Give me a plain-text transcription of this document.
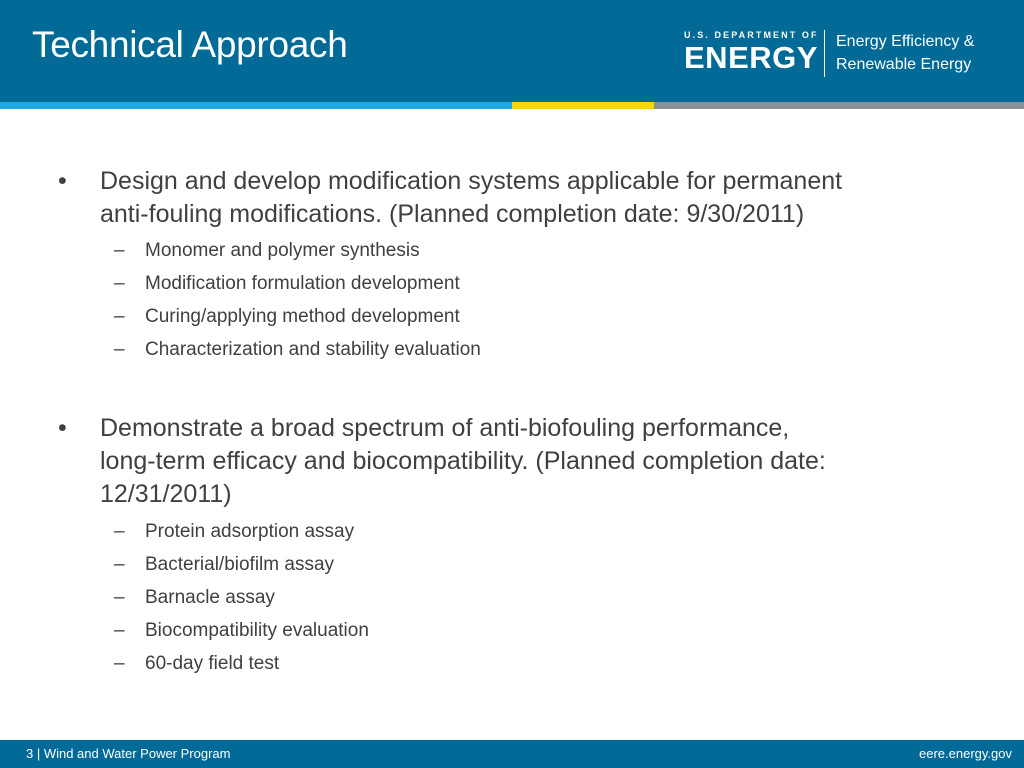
Technical Approach	U.S. DEPARTMENT OF
ENERGY Energy Efficiency &
Renewable Energy
• Design and develop modification systems applicable for permanent
anti-fouling modifications. (Planned completion date: 9/30/2011)
– Monomer and polymer synthesis
– Modification formulation development
– Curing/applying method development
– Characterization and stability evaluation
• Demonstrate a broad spectrum of anti-biofouling performance,
long-term efficacy and biocompatibility. (Planned completion date:
12/31/2011)
– Protein adsorption assay
– Bacterial/biofilm assay
– Barnacle assay
– Biocompatibility evaluation
– 60-day field test
3 | Wind and Water Power Program	eere.energy.gov
